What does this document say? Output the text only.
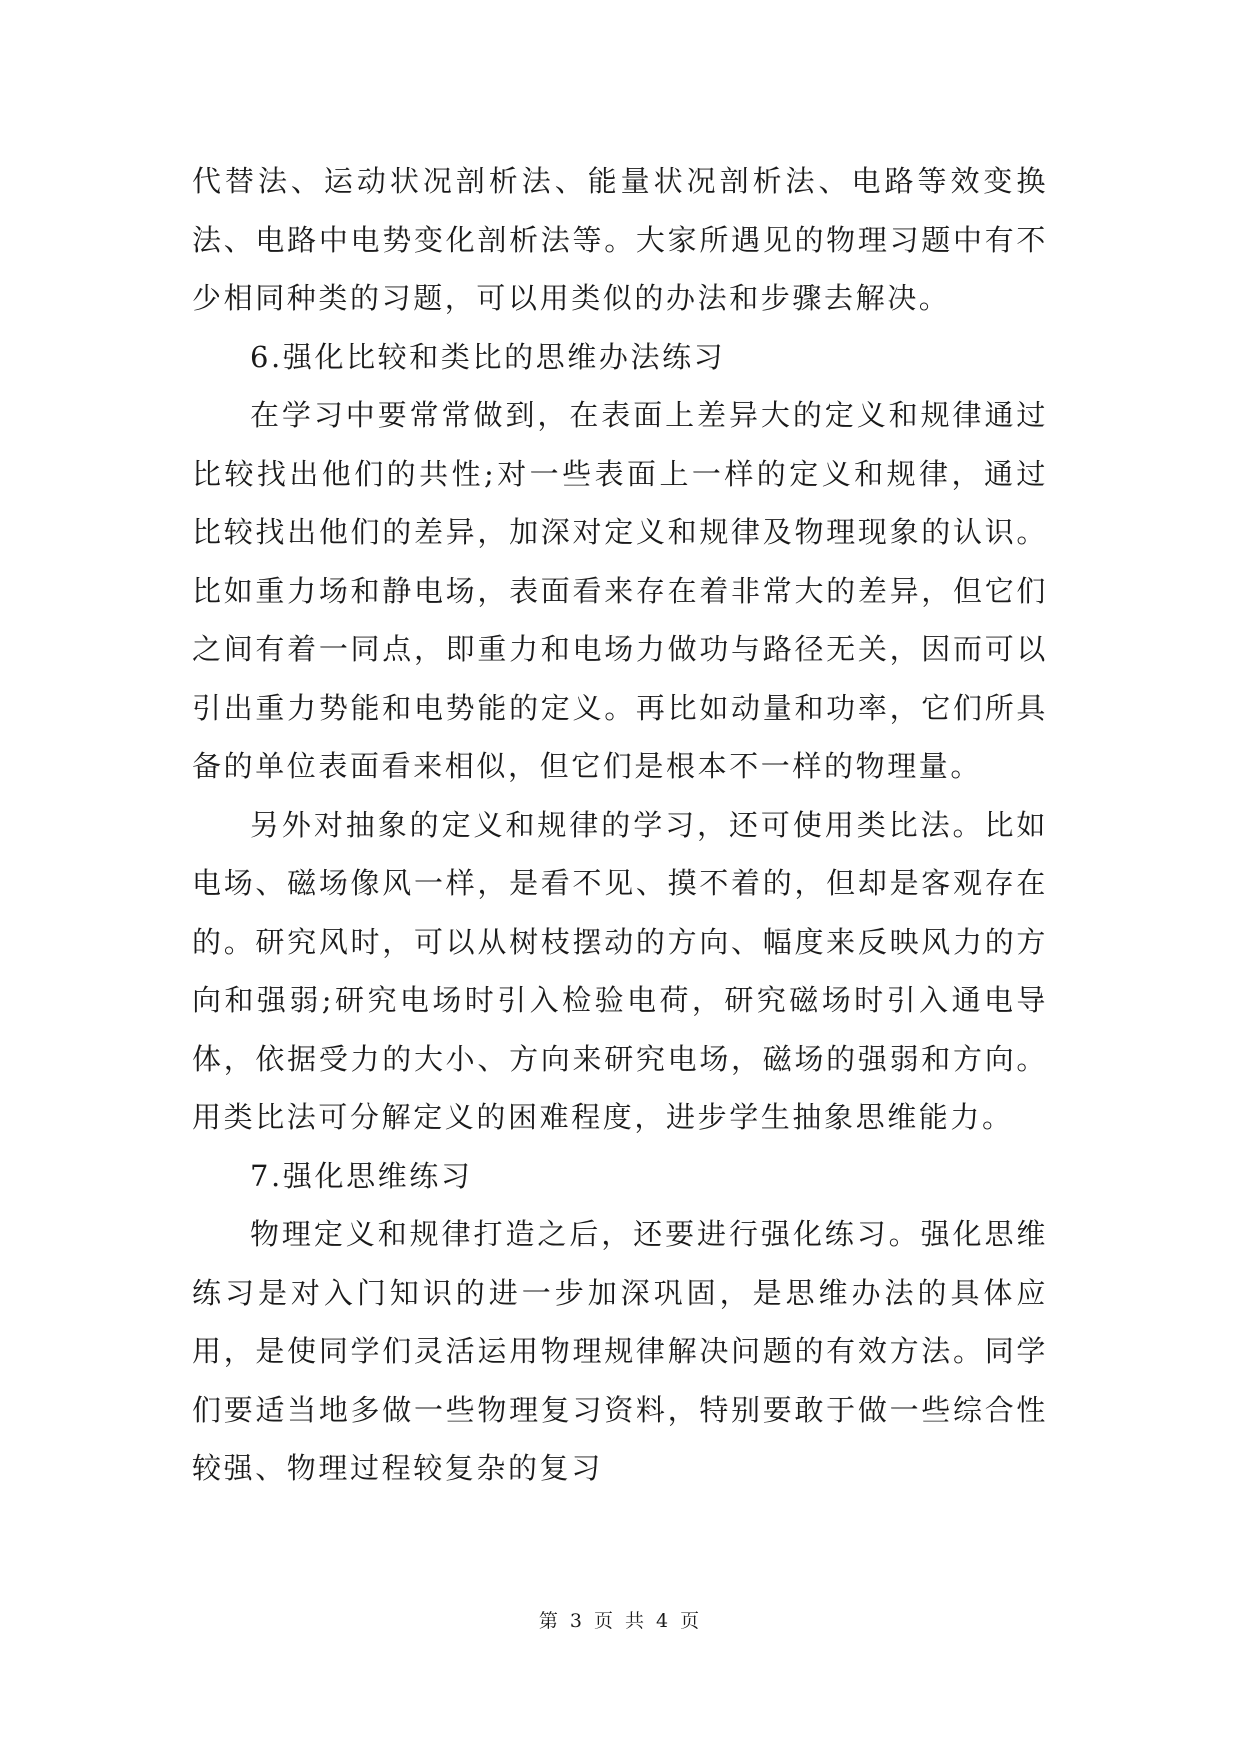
代替法、运动状况剖析法、能量状况剖析法、电路等效变换法、电路中电势变化剖析法等。大家所遇见的物理习题中有不少相同种类的习题，可以用类似的办法和步骤去解决。

6.强化比较和类比的思维办法练习

在学习中要常常做到，在表面上差异大的定义和规律通过比较找出他们的共性;对一些表面上一样的定义和规律，通过比较找出他们的差异，加深对定义和规律及物理现象的认识。比如重力场和静电场，表面看来存在着非常大的差异，但它们之间有着一同点，即重力和电场力做功与路径无关，因而可以引出重力势能和电势能的定义。再比如动量和功率，它们所具备的单位表面看来相似，但它们是根本不一样的物理量。

另外对抽象的定义和规律的学习，还可使用类比法。比如电场、磁场像风一样，是看不见、摸不着的，但却是客观存在的。研究风时，可以从树枝摆动的方向、幅度来反映风力的方向和强弱;研究电场时引入检验电荷，研究磁场时引入通电导体，依据受力的大小、方向来研究电场，磁场的强弱和方向。用类比法可分解定义的困难程度，进步学生抽象思维能力。

7.强化思维练习

物理定义和规律打造之后，还要进行强化练习。强化思维练习是对入门知识的进一步加深巩固，是思维办法的具体应用，是使同学们灵活运用物理规律解决问题的有效方法。同学们要适当地多做一些物理复习资料，特别要敢于做一些综合性较强、物理过程较复杂的复习

第 3 页 共 4 页
